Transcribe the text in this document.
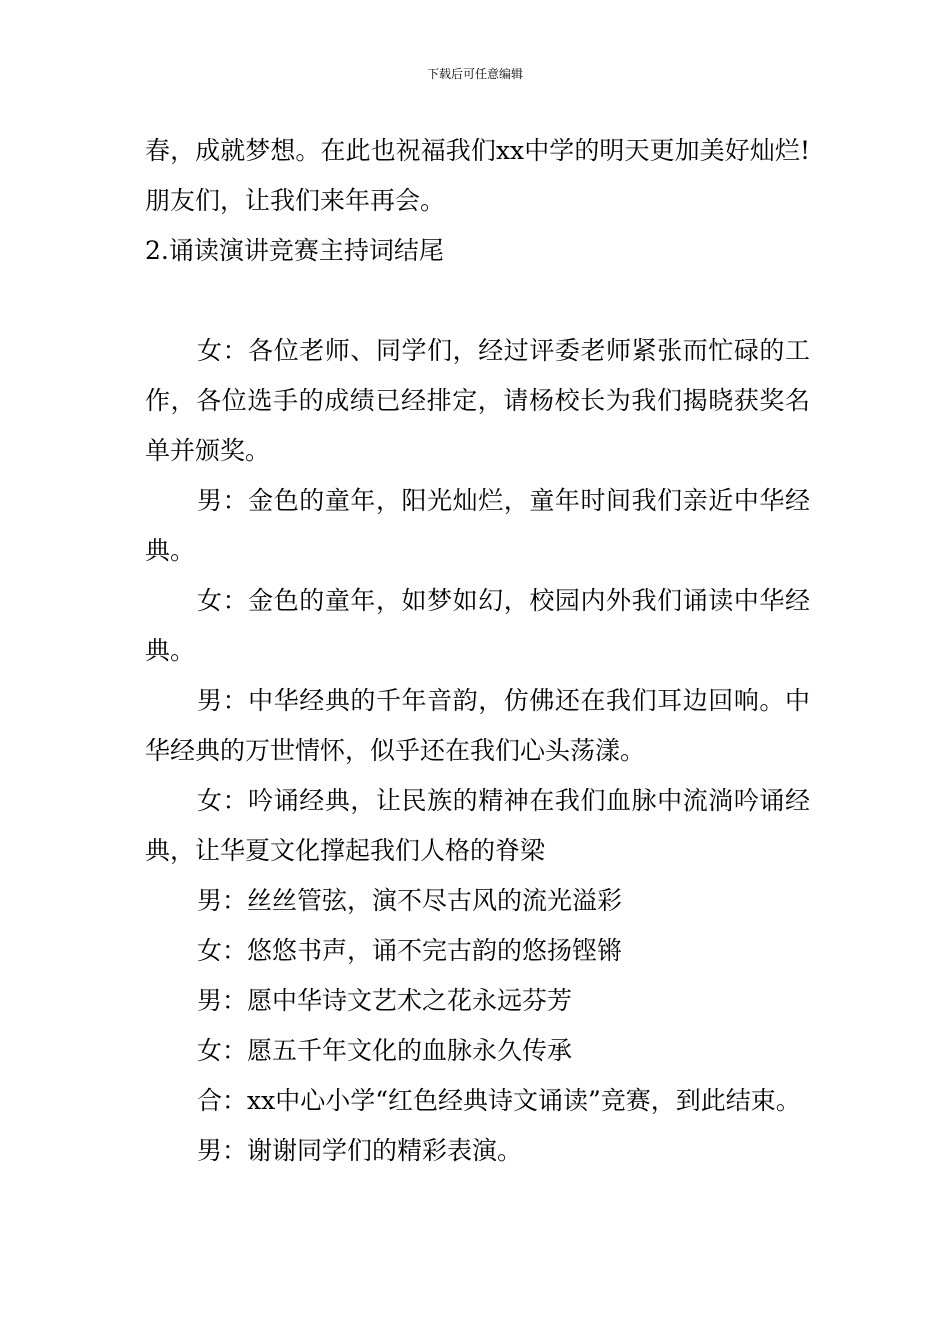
下载后可任意编辑

春，成就梦想。在此也祝福我们xx中学的明天更加美好灿烂!朋友们，让我们来年再会。

2.诵读演讲竞赛主持词结尾

女：各位老师、同学们，经过评委老师紧张而忙碌的工作，各位选手的成绩已经排定，请杨校长为我们揭晓获奖名单并颁奖。

男：金色的童年，阳光灿烂，童年时间我们亲近中华经典。

女：金色的童年，如梦如幻，校园内外我们诵读中华经典。

男：中华经典的千年音韵，仿佛还在我们耳边回响。中华经典的万世情怀，似乎还在我们心头荡漾。

女：吟诵经典，让民族的精神在我们血脉中流淌吟诵经典，让华夏文化撑起我们人格的脊梁

男：丝丝管弦，演不尽古风的流光溢彩

女：悠悠书声，诵不完古韵的悠扬铿锵

男：愿中华诗文艺术之花永远芬芳

女：愿五千年文化的血脉永久传承

合：xx中心小学“红色经典诗文诵读”竞赛，到此结束。

男：谢谢同学们的精彩表演。
